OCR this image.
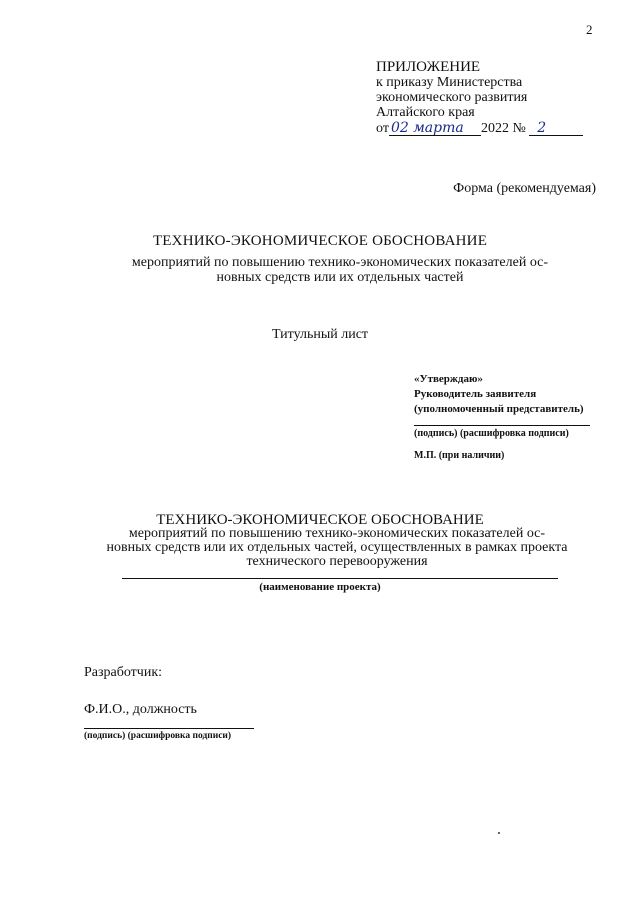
2
ПРИЛОЖЕНИЕ
к приказу Министерства
экономического развития
Алтайского края
от 02 марта 2022 № 2
Форма (рекомендуемая)
ТЕХНИКО-ЭКОНОМИЧЕСКОЕ ОБОСНОВАНИЕ
мероприятий по повышению технико-экономических показателей ос-
новных средств или их отдельных частей
Титульный лист
«Утверждаю»
Руководитель заявителя
(уполномоченный представитель)
(подпись) (расшифровка подписи)
М.П. (при наличии)
ТЕХНИКО-ЭКОНОМИЧЕСКОЕ ОБОСНОВАНИЕ
мероприятий по повышению технико-экономических показателей ос-
новных средств или их отдельных частей, осуществленных в рамках проекта
технического перевооружения
(наименование проекта)
Разработчик:
Ф.И.О., должность
(подпись) (расшифровка подписи)
